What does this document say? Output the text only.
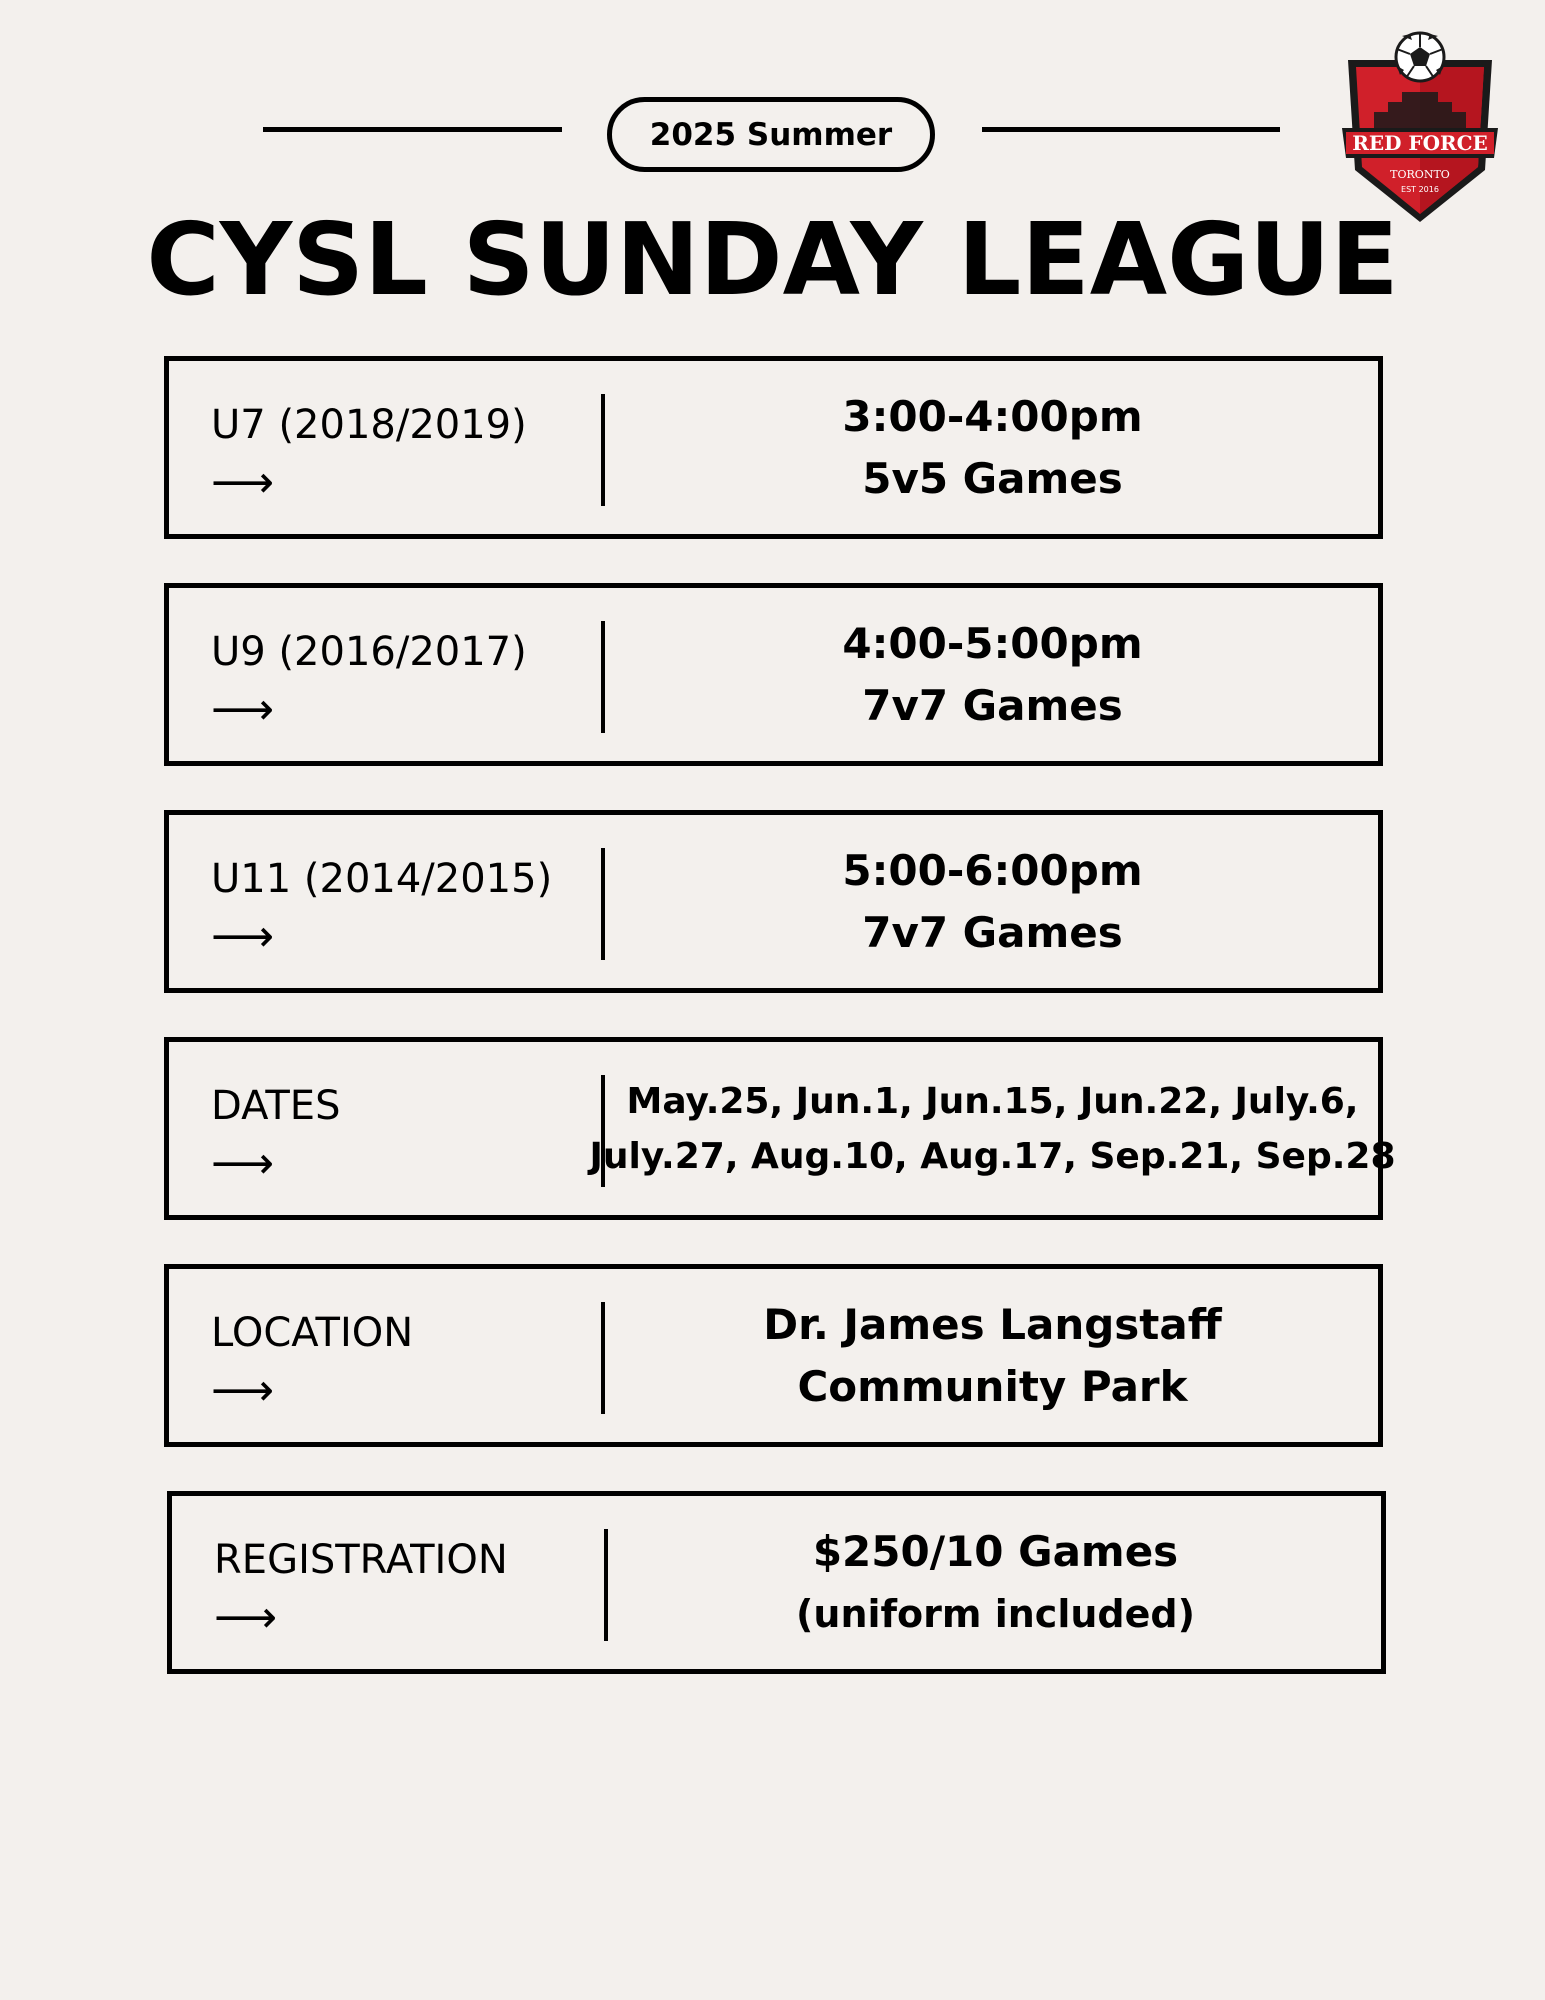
2025 Summer
CYSL SUNDAY LEAGUE
RED FORCE
TORONTO
EST 2016
U7 (2018/2019)
⟶
3:00-4:00pm
5v5 Games
U9 (2016/2017)
⟶
4:00-5:00pm
7v7 Games
U11 (2014/2015)
⟶
5:00-6:00pm
7v7 Games
DATES
⟶
May.25, Jun.1, Jun.15, Jun.22, July.6,
July.27, Aug.10, Aug.17, Sep.21, Sep.28
LOCATION
⟶
Dr. James Langstaff
Community Park
REGISTRATION
⟶
$250/10 Games
(uniform included)
